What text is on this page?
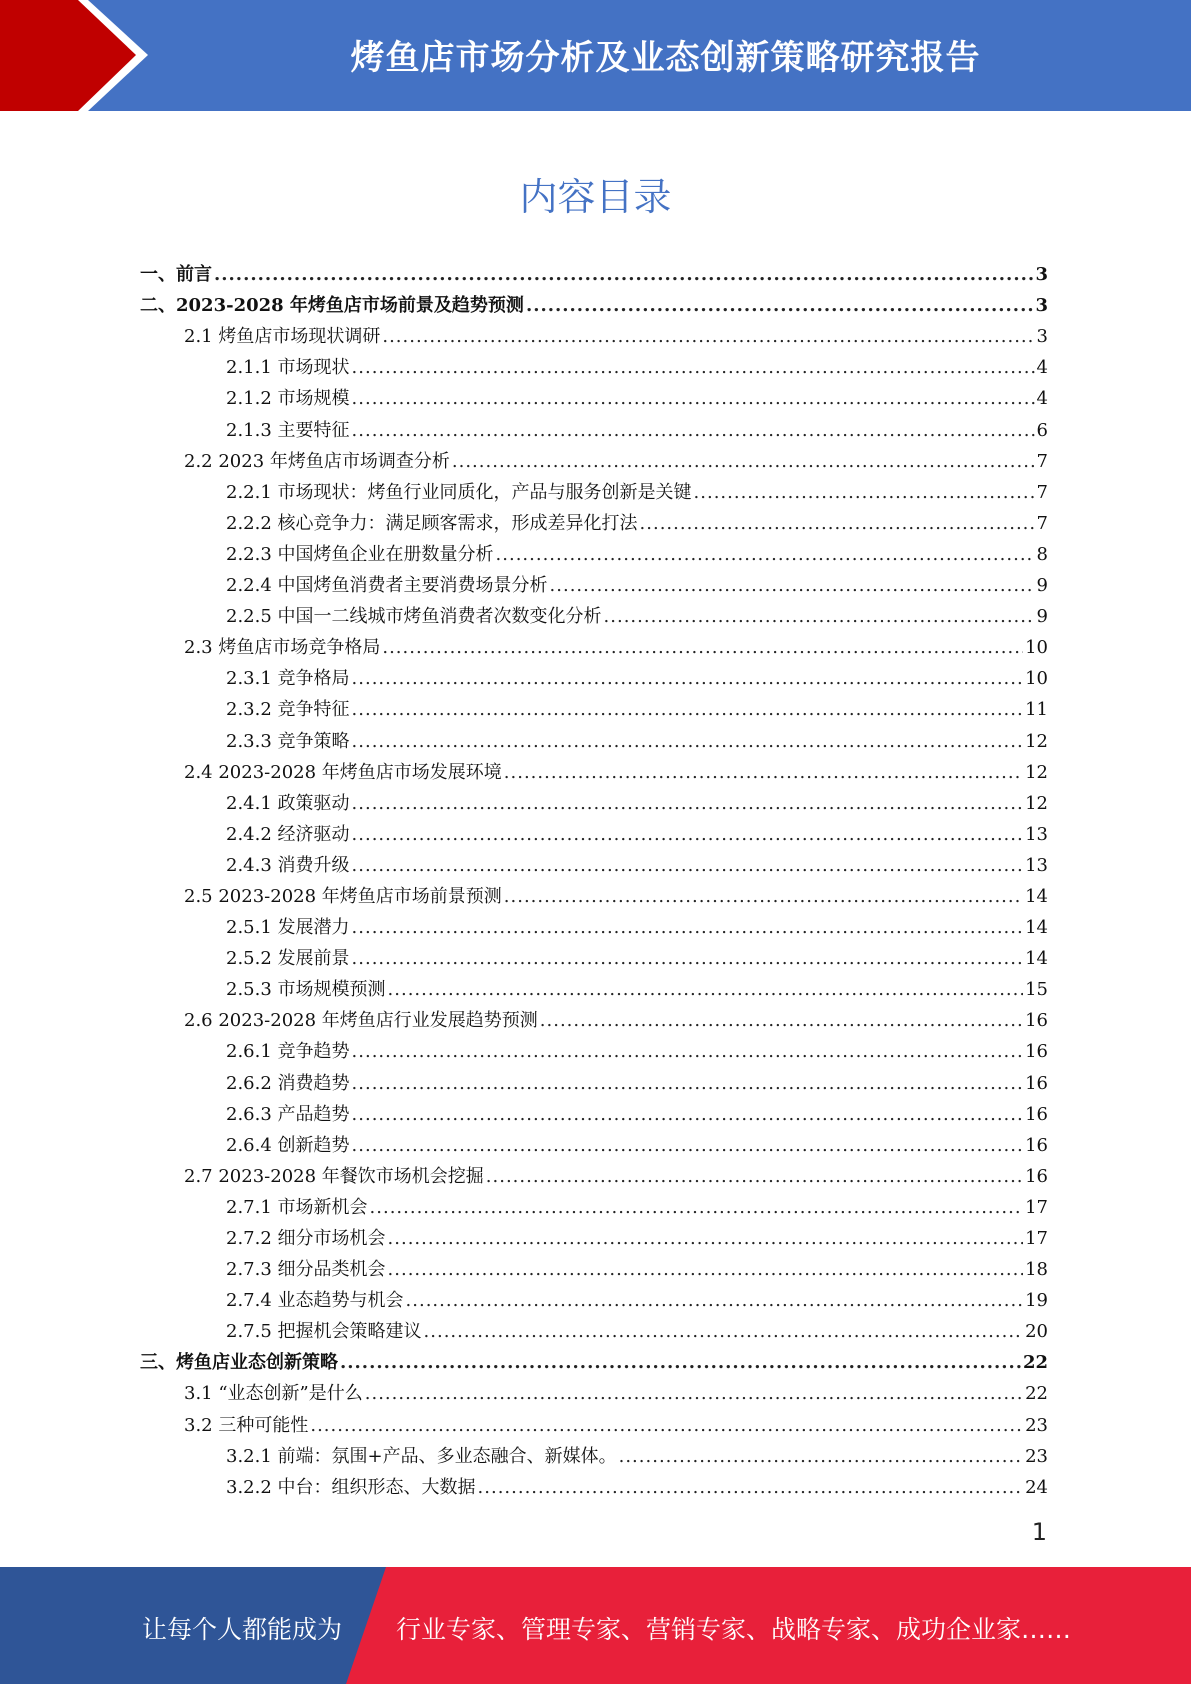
烤鱼店市场分析及业态创新策略研究报告
内容目录
一、前言 .....	3
二、2023-2028 年烤鱼店市场前景及趋势预测 .....	3
2.1 烤鱼店市场现状调研 .....	3
2.1.1 市场现状 .....	4
2.1.2 市场规模 .....	4
2.1.3 主要特征 .....	6
2.2 2023 年烤鱼店市场调查分析 .....	7
2.2.1 市场现状：烤鱼行业同质化，产品与服务创新是关键 .....	7
2.2.2 核心竞争力：满足顾客需求，形成差异化打法 .....	7
2.2.3 中国烤鱼企业在册数量分析 .....	8
2.2.4 中国烤鱼消费者主要消费场景分析 .....	9
2.2.5 中国一二线城市烤鱼消费者次数变化分析 .....	9
2.3 烤鱼店市场竞争格局 .....	10
2.3.1 竞争格局 .....	10
2.3.2 竞争特征 .....	11
2.3.3 竞争策略 .....	12
2.4 2023-2028 年烤鱼店市场发展环境 .....	12
2.4.1 政策驱动 .....	12
2.4.2 经济驱动 .....	13
2.4.3 消费升级 .....	13
2.5 2023-2028 年烤鱼店市场前景预测 .....	14
2.5.1 发展潜力 .....	14
2.5.2 发展前景 .....	14
2.5.3 市场规模预测 .....	15
2.6 2023-2028 年烤鱼店行业发展趋势预测 .....	16
2.6.1 竞争趋势 .....	16
2.6.2 消费趋势 .....	16
2.6.3 产品趋势 .....	16
2.6.4 创新趋势 .....	16
2.7 2023-2028 年餐饮市场机会挖掘 .....	16
2.7.1 市场新机会 .....	17
2.7.2 细分市场机会 .....	17
2.7.3 细分品类机会 .....	18
2.7.4 业态趋势与机会 .....	19
2.7.5 把握机会策略建议 .....	20
三、烤鱼店业态创新策略 .....	22
3.1 “业态创新”是什么 .....	22
3.2 三种可能性 .....	23
3.2.1 前端：氛围+产品、多业态融合、新媒体。 .....	23
3.2.2 中台：组织形态、大数据 .....	24
1
让每个人都能成为 行业专家、管理专家、营销专家、战略专家、成功企业家……
